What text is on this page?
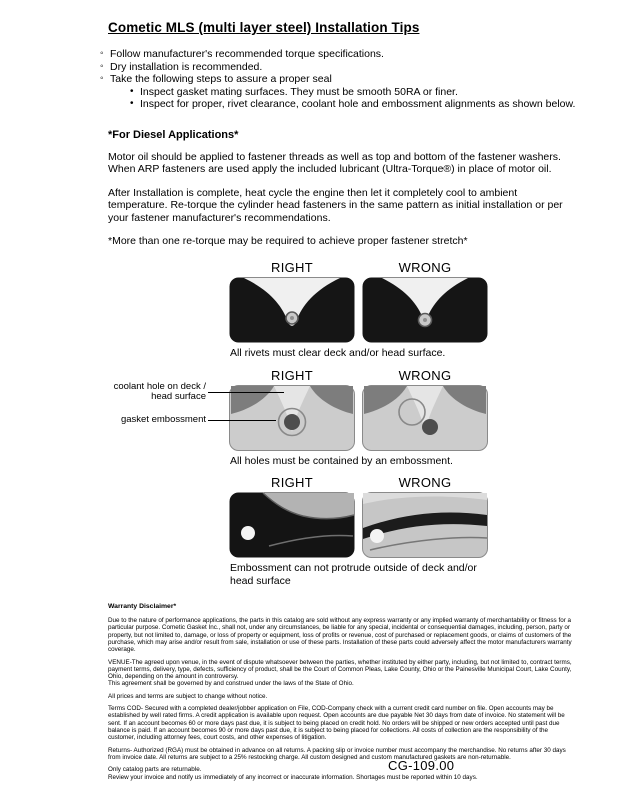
Cometic MLS (multi layer steel) Installation Tips
◦ Follow manufacturer's recommended torque specifications.
◦ Dry installation is recommended.
◦ Take the following steps to assure a proper seal
• Inspect gasket mating surfaces. They must be smooth 50RA or finer.
• Inspect for proper, rivet clearance, coolant hole and embossment alignments as shown below.
*For Diesel Applications*

Motor oil should be applied to fastener threads as well as top and bottom of the fastener washers. When ARP fasteners are used apply the included lubricant (Ultra-Torque®) in place of motor oil.

After Installation is complete, heat cycle the engine then let it completely cool to ambient temperature. Re-torque the cylinder head fasteners in the same pattern as initial installation or per your fastener manufacturer's recommendations.

*More than one re-torque may be required to achieve proper fastener stretch*

RIGHT	WRONG
All rivets must clear deck and/or head surface.
coolant hole on deck / head surface
gasket embossment
RIGHT	WRONG
All holes must be contained by an embossment.
RIGHT	WRONG
Embossment can not protrude outside of deck and/or head surface
Warranty Disclaimer*

Due to the nature of performance applications, the parts in this catalog are sold without any express warranty or any implied warranty of merchantability or fitness for a particular purpose. Cometic Gasket Inc., shall not, under any circumstances, be liable for any special, incidental or consequential damages, including, person, party or property, but not limited to, damage, or loss of property or equipment, loss of profits or revenue, cost of purchased or replacement goods, or claims of customers of the purchase, which may arise and/or result from sale, installation or use of these parts. Installation of these parts could adversely affect the motor manufacturers warranty coverage.

VENUE-The agreed upon venue, in the event of dispute whatsoever between the parties, whether instituted by either party, including, but not limited to, contract terms, payment terms, delivery, type, defects, sufficiency of product, shall be the Court of Common Pleas, Lake County, Ohio or the Painesville Municipal Court, Lake County, Ohio, depending on the amount in controversy.

This agreement shall be governed by and construed under the laws of the State of Ohio.

All prices and terms are subject to change without notice.

Terms COD- Secured with a completed dealer/jobber application on File, COD-Company check with a current credit card number on file. Open accounts may be established by well rated firms. A credit application is available upon request. Open accounts are due payable Net 30 days from date of invoice. No statement will be sent. If an account becomes 60 or more days past due, it is subject to being placed on credit hold. No orders will be shipped or new orders accepted until past due balance is paid. If an account becomes 90 or more days past due, it is subject to being placed for collections. All costs of collection are the responsibility of the customer, including attorney fees, court costs, and other expenses of litigation.

Returns- Authorized (RGA) must be obtained in advance on all returns. A packing slip or invoice number must accompany the merchandise. No returns after 30 days from invoice date. All returns are subject to a 25% restocking charge. All custom designed and custom manufactured gaskets are non-returnable.

Only catalog parts are returnable.

Review your invoice and notify us immediately of any incorrect or inaccurate information. Shortages must be reported within 10 days.

CG-109.00
